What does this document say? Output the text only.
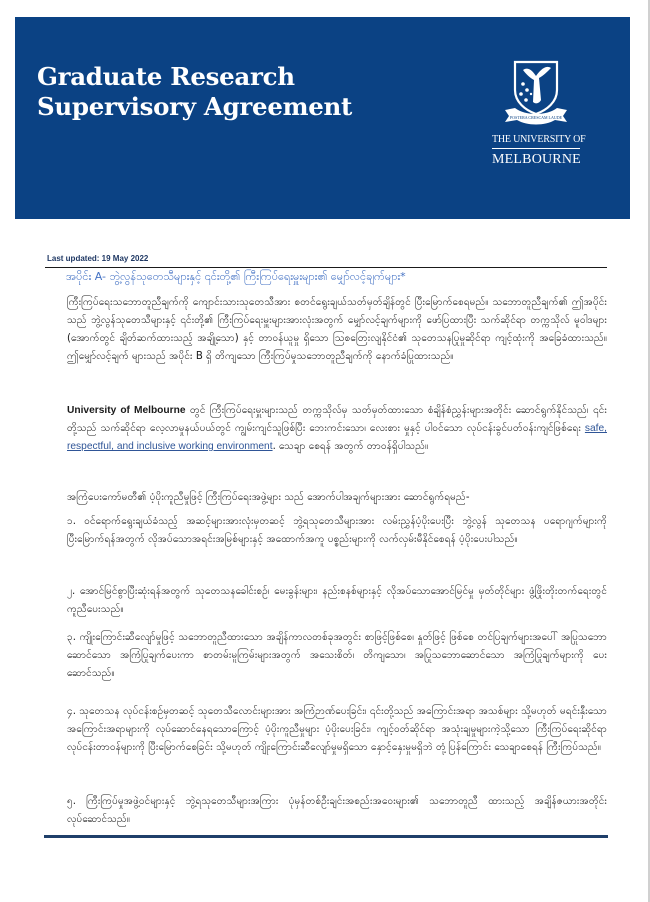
Graduate Research
Supervisory Agreement	POSTERA CRESCAM LAUDE
THE UNIVERSITY OF
MELBOURNE
Last updated: 19 May 2022
အပိုင်း A- ဘွဲ့လွန်သုတေသီများနှင့် ၎င်းတို့၏ ကြီးကြပ်ရေးမှူးများ၏ မျှော်လင့်ချက်များ*
ကြီးကြပ်ရေးသဘောတူညီချက်ကို ကျောင်းသားသုတေသီအား စတင်ရွေးချယ်သတ်မှတ်ချိန်တွင် ပြီးမြောက်စေရမည်။ သဘောတူညီချက်၏ ဤအပိုင်းသည် ဘွဲ့လွန်သုတေသီများနှင့် ၎င်းတို့၏ ကြီးကြပ်ရေးမှူးများအားလုံးအတွက် မျှော်လင့်ချက်များကို ဖော်ပြထားပြီး သက်ဆိုင်ရာ တက္ကသိုလ် မူဝါဒများ (အောက်တွင် ချိတ်ဆက်ထားသည့် အချို့သော) နှင့် တာဝန်ယူမှု ရှိသော ဩစတြေးလျနိုင်ငံ၏ သုတေသနပြုမှုဆိုင်ရာ ကျင့်ထုံးကို အခြေခံထားသည်။ ဤမျှော်လင့်ချက် များသည် အပိုင်း B ရှိ တိကျသော ကြီးကြပ်မှုသဘောတူညီချက်ကို နောက်ခံပြုထားသည်။
University of Melbourne တွင် ကြီးကြပ်ရေးမှူးများသည် တက္ကသိုလ်မှ သတ်မှတ်ထားသော စံချိန်စံညွှန်းများအတိုင်း ဆောင်ရွက်နိုင်သည်၊ ၎င်းတို့သည် သက်ဆိုင်ရာ လေ့လာမှုနယ်ပယ်တွင် ကျွမ်းကျင်သူဖြစ်ပြီး ဘေးကင်းသော၊ လေးစား မှုနှင့် ပါဝင်သော လုပ်ငန်းခွင်ပတ်ဝန်းကျင်ဖြစ်ရေး safe, respectful, and inclusive working environment. သေချာ စေရန် အတွက် တာဝန်ရှိပါသည်။
အကြံပေးကော်မတီ၏ ပံ့ပိုးကူညီမှုဖြင့် ကြီးကြပ်ရေးအဖွဲ့များ သည် အောက်ပါအချက်များအား ဆောင်ရွက်ရမည်-
၁. ဝင်ရောက်ရွေးချယ်ခံသည့် အဆင့်များအားလုံးမှတဆင့် ဘွဲ့ရသုတေသီများအား လမ်းညွှန်ပံ့ပိုးပေးပြီး ဘွဲ့လွန် သုတေသန ပရောဂျက်များကို ပြီးမြောက်ရန်အတွက် လိုအပ်သောအရင်းအမြစ်များနှင့် အထောက်အကူ ပစ္စည်းများကို လက်လှမ်းမီနိုင်စေရန် ပံ့ပိုးပေးပါသည်။
၂. အောင်မြင်စွာပြီးဆုံးရန်အတွက် သုတေသနခေါင်းစဉ်၊ မေးခွန်းများ၊ နည်းစနစ်များနှင့် လိုအပ်သောအောင်မြင်မှု မှတ်တိုင်များ ဖွံ့ဖြိုးတိုးတက်ရေးတွင် ကူညီပေးသည်။
၃. ကျိုးကြောင်းဆီလျော်မှုဖြင့် သဘောတူညီထားသော အချိန်ကာလတစ်ခုအတွင်း စာဖြင့်ဖြစ်စေ၊ နှုတ်ဖြင့် ဖြစ်စေ တင်ပြချက်များအပေါ် အပြုသဘောဆောင်သော အကြံပြုချက်ပေးကာ စာတမ်းမူကြမ်းများအတွက် အသေးစိတ်၊ တိကျသော၊ အပြုသဘောဆောင်သော အကြံပြုချက်များကို ပေးဆောင်သည်။
၄. သုတေသန လုပ်ငန်းစဉ်မှတဆင့် သုတေသီလောင်းများအား အကြံဉာဏ်ပေးခြင်း၊ ၎င်းတို့သည် အကြောင်းအရာ အသစ်များ သို့မဟုတ် မရင်းနှီးသော အကြောင်းအရာများကို လုပ်ဆောင်နေရသောကြောင့် ပံ့ပိုးကူညီမှုများ ပံ့ပိုးပေးခြင်း၊ ကျင့်ဝတ်ဆိုင်ရာ အသုံးချမှုများကဲ့သို့သော ကြီးကြပ်ရေးဆိုင်ရာ လုပ်ငန်းတာဝန်များကို ပြီးမြောက်စေခြင်း သို့မဟုတ် ကျိုးကြောင်းဆီလျော်မှုမရှိသော နှောင့်နှေးမှုမရှိဘဲ တုံ့ပြန်ကြောင်း သေချာစေရန် ကြီးကြပ်သည်။
၅. ကြီးကြပ်မှုအဖွဲ့ဝင်များနှင့် ဘွဲ့ရသုတေသီများအကြား ပုံမှန်တစ်ဦးချင်းအစည်းအဝေးများ၏ သဘောတူညီ ထားသည့် အချိန်ဇယားအတိုင်း လုပ်ဆောင်သည်။
